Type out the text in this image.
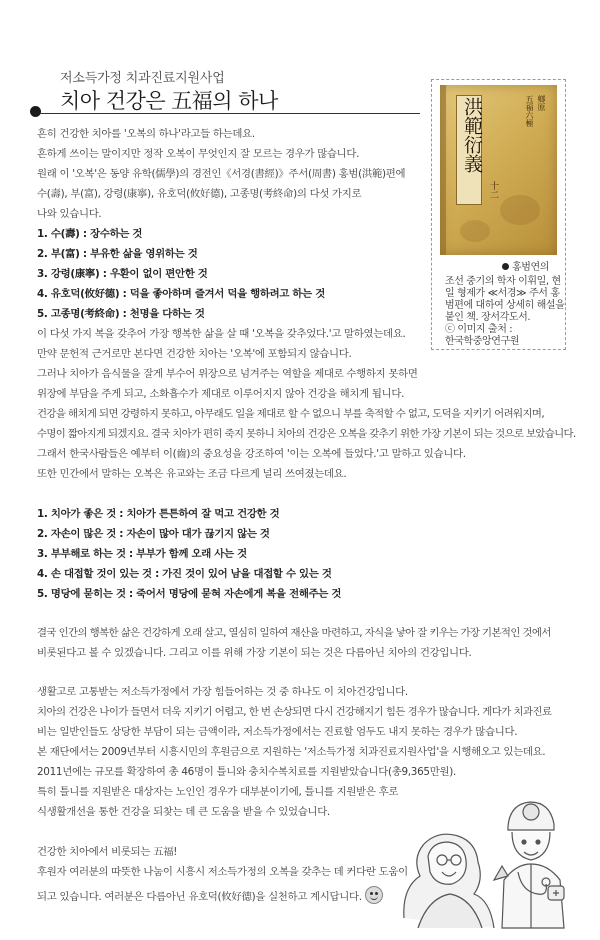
저소득가정 치과진료지원사업
치아 건강은 五福의 하나
흔히 건강한 치아를 '오복의 하나'라고들 하는데요.
흔하게 쓰이는 말이지만 정작 오복이 무엇인지 잘 모르는 경우가 많습니다.
원래 이 '오복'은 동양 유학(儒學)의 경전인《서경(書經)》주서(周書) 홍범(洪範)편에
수(壽), 부(富), 강령(康寧), 유호덕(攸好德), 고종명(考終命)의 다섯 가지로
나와 있습니다.
1. 수(壽) : 장수하는 것
2. 부(富) : 부유한 삶을 영위하는 것
3. 강령(康寧) : 우환이 없이 편안한 것
4. 유호덕(攸好德) : 덕을 좋아하며 즐겨서 덕을 행하려고 하는 것
5. 고종명(考終命) : 천명을 다하는 것
이 다섯 가지 복을 갖추어 가장 행복한 삶을 살 때 '오복을 갖추었다.'고 말하였는데요.
만약 문헌적 근거로만 본다면 건강한 치아는 '오복'에 포함되지 않습니다.
그러나 치아가 음식물을 잘게 부수어 위장으로 넘겨주는 역할을 제대로 수행하지 못하면
위장에 부담을 주게 되고, 소화흡수가 제대로 이루어지지 않아 건강을 해치게 됩니다.
건강을 해치게 되면 강령하지 못하고, 아무래도 일을 제대로 할 수 없으니 부를 축적할 수 없고, 도덕을 지키기 어려워지며,
수명이 짧아지게 되겠지요. 결국 치아가 편히 죽지 못하니 치아의 건강은 오복을 갖추기 위한 가장 기본이 되는 것으로 보았습니다.
그래서 한국사람들은 예부터 이(齒)의 중요성을 강조하여 '이는 오복에 들었다.'고 말하고 있습니다.
또한 민간에서 말하는 오복은 유교와는 조금 다르게 널리 쓰여졌는데요.
1. 치아가 좋은 것 : 치아가 튼튼하여 잘 먹고 건강한 것
2. 자손이 많은 것 : 자손이 많아 대가 끊기지 않는 것
3. 부부해로 하는 것 : 부부가 함께 오래 사는 것
4. 손 대접할 것이 있는 것 : 가진 것이 있어 남을 대접할 수 있는 것
5. 명당에 묻히는 것 : 죽어서 명당에 묻혀 자손에게 복을 전해주는 것
결국 인간의 행복한 삶은 건강하게 오래 살고, 열심히 일하여 재산을 마련하고, 자식을 낳아 잘 키우는 가장 기본적인 것에서
비롯된다고 볼 수 있겠습니다. 그리고 이를 위해 가장 기본이 되는 것은 다름아닌 치아의 건강입니다.
생활고로 고통받는 저소득가정에서 가장 힘들어하는 것 중 하나도 이 치아건강입니다.
치아의 건강은 나이가 들면서 더욱 지키기 어렵고, 한 번 손상되면 다시 건강해지기 힘든 경우가 많습니다. 게다가 치과진료
비는 일반인들도 상당한 부담이 되는 금액이라, 저소득가정에서는 진료할 엄두도 내지 못하는 경우가 많습니다.
본 재단에서는 2009년부터 시흥시민의 후원금으로 지원하는 '저소득가정 치과진료지원사업'을 시행해오고 있는데요.
2011년에는 규모를 확장하여 총 46명이 틀니와 충치수복치료를 지원받았습니다(총9,365만원).
특히 틀니를 지원받은 대상자는 노인인 경우가 대부분이기에, 틀니를 지원받은 후로
식생활개선을 통한 건강을 되찾는 데 큰 도움을 받을 수 있었습니다.
건강한 치아에서 비롯되는 五福!
후원자 여러분의 따뜻한 나눔이 시흥시 저소득가정의 오복을 갖추는 데 커다란 도움이
되고 있습니다. 여러분은 다름아닌 유호덕(攸好德)을 실천하고 계시답니다.
洪範衍義
十二
鄉原
五福六極
홍범연의
조선 중기의 학자 이휘일, 현
일 형제가 ≪서경≫ 주서 홍
범편에 대하여 상세히 해설을
붙인 책. 장서각도서.
ⓒ 이미지 출처 :
한국학중앙연구원
